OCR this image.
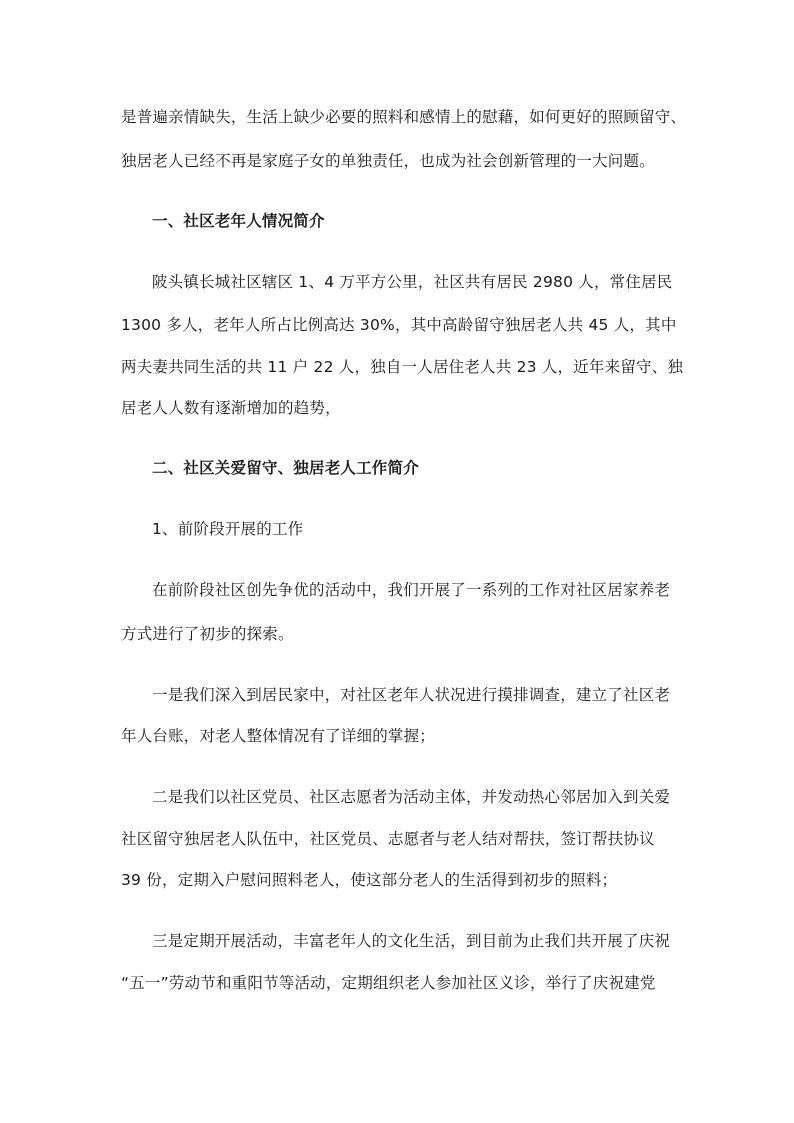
是普遍亲情缺失，生活上缺少必要的照料和感情上的慰藉，如何更好的照顾留守、
独居老人已经不再是家庭子女的单独责任，也成为社会创新管理的一大问题。
一、社区老年人情况简介
陂头镇长城社区辖区 1、4 万平方公里，社区共有居民 2980 人，常住居民
1300 多人，老年人所占比例高达 30%，其中高龄留守独居老人共 45 人，其中
两夫妻共同生活的共 11 户 22 人，独自一人居住老人共 23 人，近年来留守、独
居老人人数有逐渐增加的趋势，
二、社区关爱留守、独居老人工作简介
1、前阶段开展的工作
在前阶段社区创先争优的活动中，我们开展了一系列的工作对社区居家养老
方式进行了初步的探索。
一是我们深入到居民家中，对社区老年人状况进行摸排调查，建立了社区老
年人台账，对老人整体情况有了详细的掌握；
二是我们以社区党员、社区志愿者为活动主体，并发动热心邻居加入到关爱
社区留守独居老人队伍中，社区党员、志愿者与老人结对帮扶，签订帮扶协议
39 份，定期入户慰问照料老人，使这部分老人的生活得到初步的照料；
三是定期开展活动，丰富老年人的文化生活，到目前为止我们共开展了庆祝
“五一”劳动节和重阳节等活动，定期组织老人参加社区义诊，举行了庆祝建党
